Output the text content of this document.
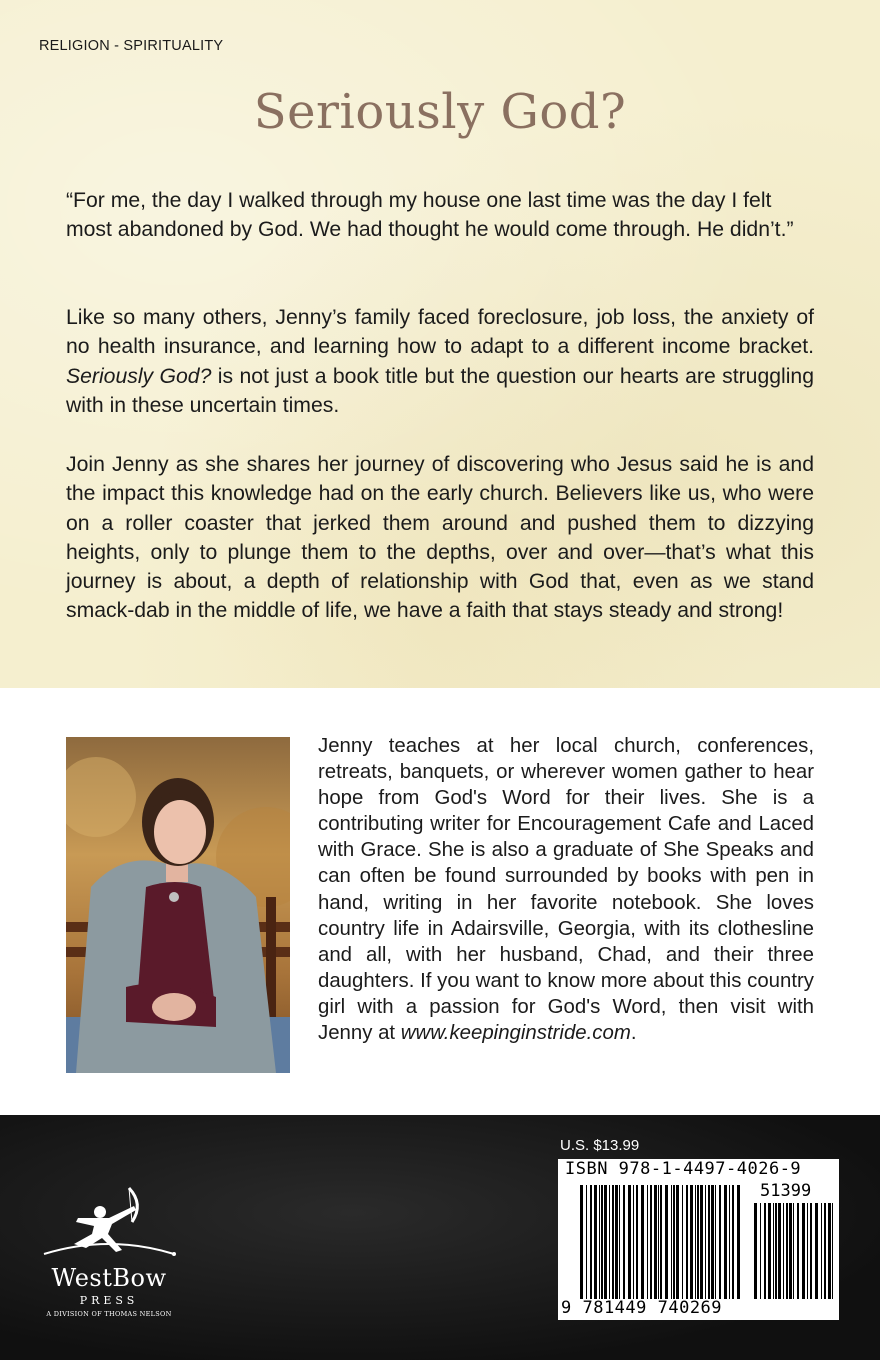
RELIGION - SPIRITUALITY
Seriously God?

“For me, the day I walked through my house one last time was the day I felt most abandoned by God. We had thought he would come through. He didn’t.”

Like so many others, Jenny’s family faced foreclosure, job loss, the anxiety of no health insurance, and learning how to adapt to a different income bracket. Seriously God? is not just a book title but the question our hearts are struggling with in these uncertain times.

Join Jenny as she shares her journey of discovering who Jesus said he is and the impact this knowledge had on the early church. Believers like us, who were on a roller coaster that jerked them around and pushed them to dizzying heights, only to plunge them to the depths, over and over—that’s what this journey is about, a depth of relationship with God that, even as we stand smack-dab in the middle of life, we have a faith that stays steady and strong!

Jenny teaches at her local church, conferences, retreats, banquets, or wherever women gather to hear hope from God's Word for their lives. She is a contributing writer for Encouragement Cafe and Laced with Grace. She is also a graduate of She Speaks and can often be found surrounded by books with pen in hand, writing in her favorite notebook. She loves country life in Adairsville, Georgia, with its clothesline and all, with her husband, Chad, and their three daughters. If you want to know more about this country girl with a passion for God's Word, then visit with Jenny at www.keepinginstride.com.

WestBow
PRESS
A DIVISION OF THOMAS NELSON
U.S. $13.99
ISBN 978-1-4497-4026-9
51399
9 781449 740269
